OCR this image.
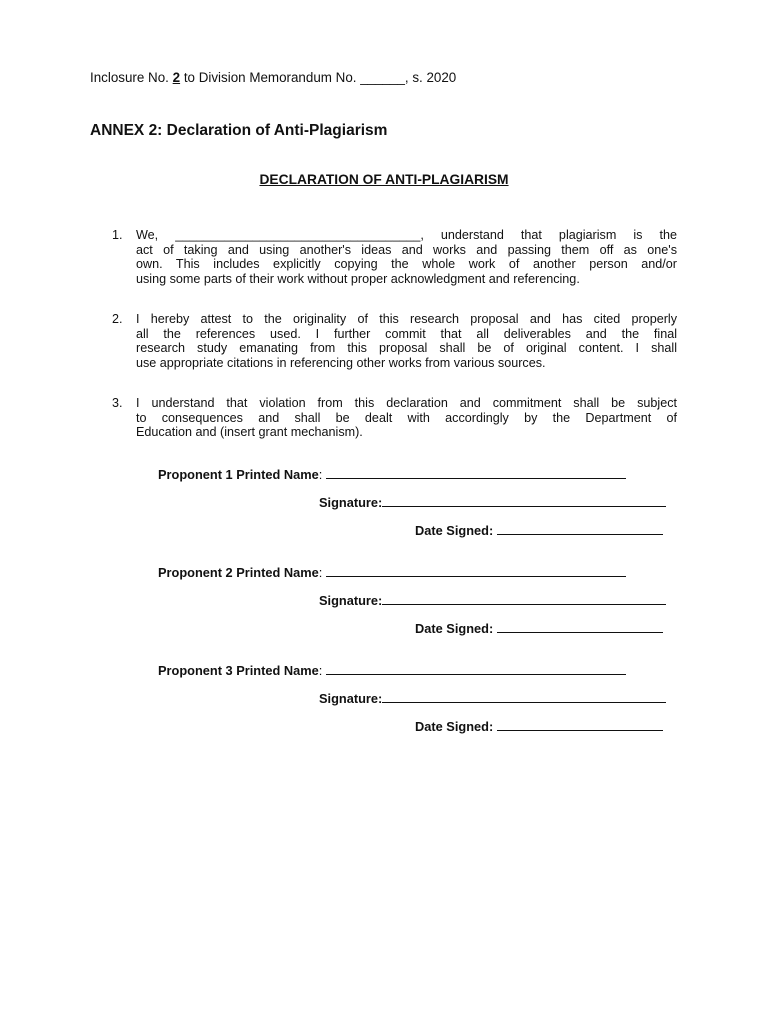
Inclosure No. 2 to Division Memorandum No. ______, s. 2020
ANNEX 2: Declaration of Anti-Plagiarism
DECLARATION OF ANTI-PLAGIARISM
1. We, ___________________________________, understand that plagiarism is the
act of taking and using another's ideas and works and passing them off as one's
own. This includes explicitly copying the whole work of another person and/or
using some parts of their work without proper acknowledgment and referencing.
2. I hereby attest to the originality of this research proposal and has cited properly
all the references used. I further commit that all deliverables and the final
research study emanating from this proposal shall be of original content. I shall
use appropriate citations in referencing other works from various sources.
3. I understand that violation from this declaration and commitment shall be subject
to consequences and shall be dealt with accordingly by the Department of
Education and (insert grant mechanism).
Proponent 1 Printed Name:
Signature:
Date Signed:
Proponent 2 Printed Name:
Signature:
Date Signed:
Proponent 3 Printed Name:
Signature:
Date Signed:
